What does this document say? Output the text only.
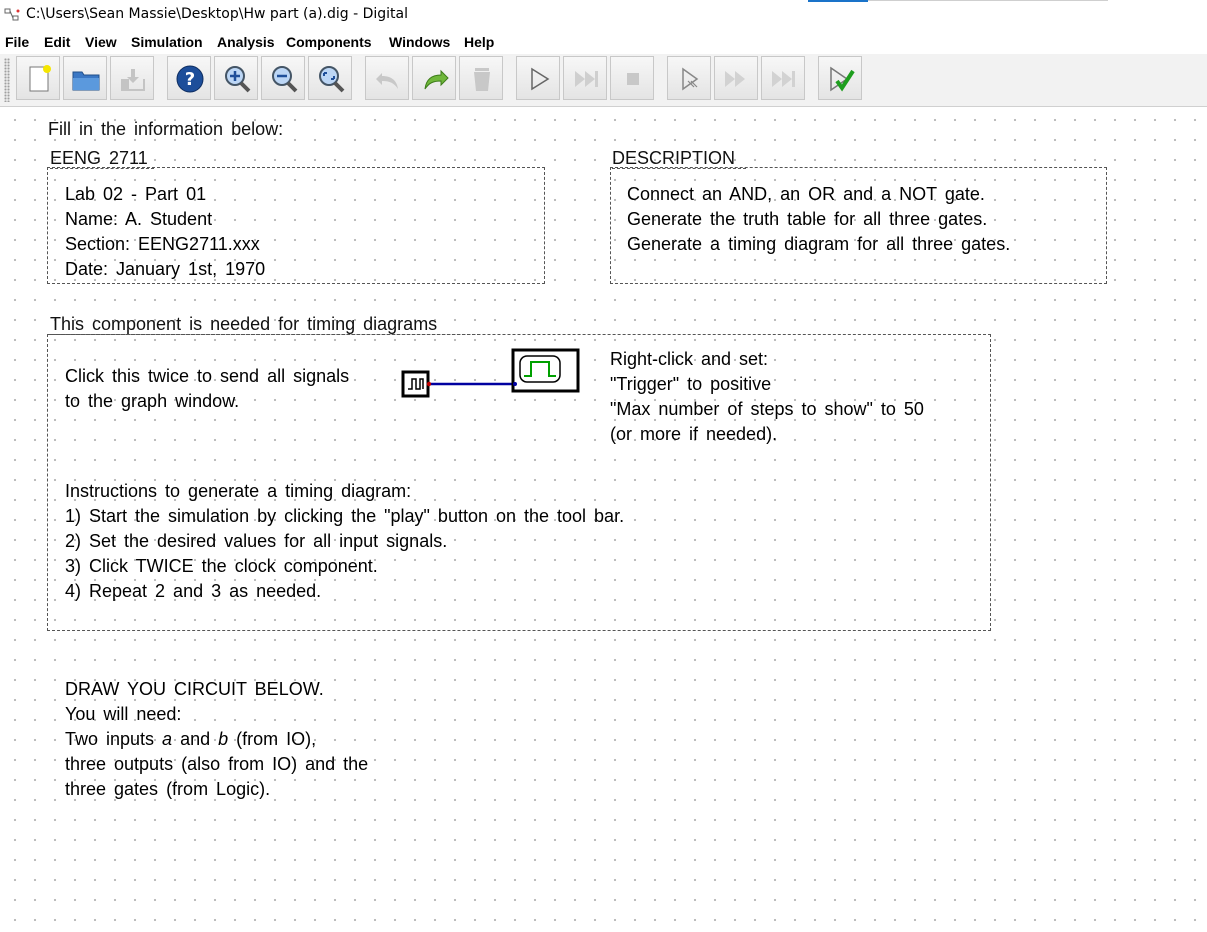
C:\Users\Sean Massie\Desktop\Hw part (a).dig - Digital
File Edit View Simulation Analysis Components Windows Help
?
Fill in the information below:
EENG 2711
Lab 02 - Part 01
Name: A. Student
Section: EENG2711.xxx
Date: January 1st, 1970
DESCRIPTION
Connect an AND, an OR and a NOT gate.
Generate the truth table for all three gates.
Generate a timing diagram for all three gates.
This component is needed for timing diagrams
Click this twice to send all signals
to the graph window.
Right-click and set:
"Trigger" to positive
"Max number of steps to show" to 50
(or more if needed).
Instructions to generate a timing diagram:
1) Start the simulation by clicking the "play" button on the tool bar.
2) Set the desired values for all input signals.
3) Click TWICE the clock component.
4) Repeat 2 and 3 as needed.
DRAW YOU CIRCUIT BELOW.
You will need:
Two inputs a and b (from IO),
three outputs (also from IO) and the
three gates (from Logic).
